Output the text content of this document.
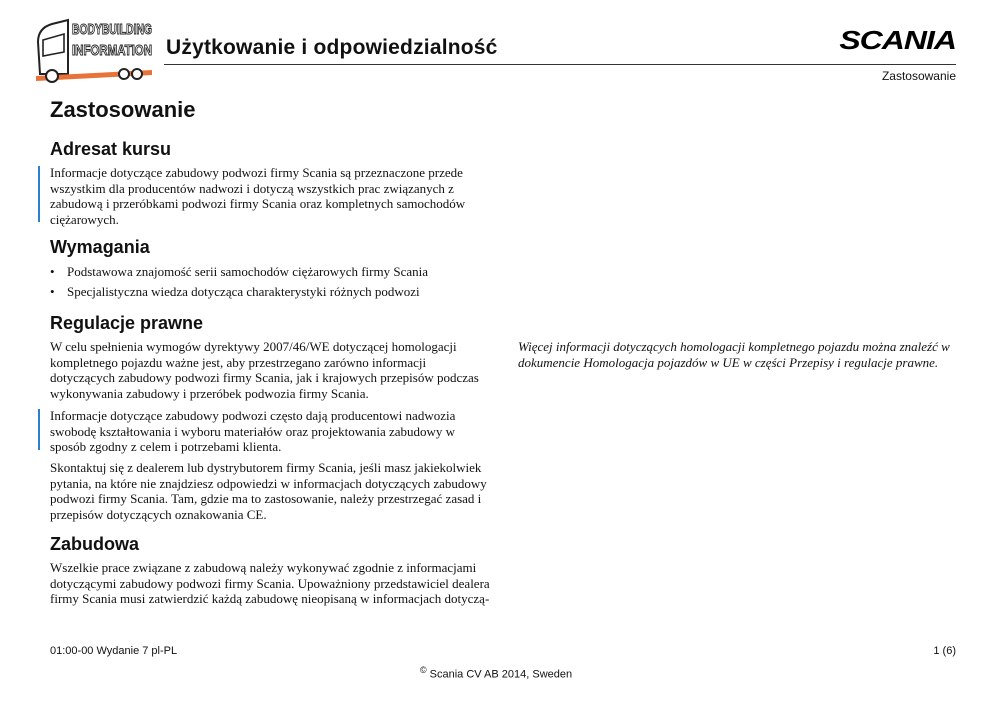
BODYBUILDING
INFORMATION Użytkowanie i odpowiedzialność	SCANIA
Zastosowanie
Zastosowanie
Adresat kursu

Informacje dotyczące zabudowy podwozi firmy Scania są przeznaczone przede wszystkim dla producentów nadwozi i dotyczą wszystkich prac związanych z zabudową i przeróbkami podwozi firmy Scania oraz kompletnych samochodów ciężarowych.

Wymagania
• Podstawowa znajomość serii samochodów ciężarowych firmy Scania
• Specjalistyczna wiedza dotycząca charakterystyki różnych podwozi
Regulacje prawne

W celu spełnienia wymogów dyrektywy 2007/46/WE dotyczącej homologacji kompletnego pojazdu ważne jest, aby przestrzegano zarówno informacji dotyczących zabudowy podwozi firmy Scania, jak i krajowych przepisów podczas wykonywania zabudowy i przeróbek podwozia firmy Scania.

Informacje dotyczące zabudowy podwozi często dają producentowi nadwozia swobodę kształtowania i wyboru materiałów oraz projektowania zabudowy w sposób zgodny z celem i potrzebami klienta.

Skontaktuj się z dealerem lub dystrybutorem firmy Scania, jeśli masz jakiekolwiek pytania, na które nie znajdziesz odpowiedzi w informacjach dotyczących zabudowy podwozi firmy Scania. Tam, gdzie ma to zastosowanie, należy przestrzegać zasad i przepisów dotyczących oznakowania CE.

Więcej informacji dotyczących homologacji kompletnego pojazdu można znaleźć w dokumencie Homologacja pojazdów w UE w części Przepisy i regulacje prawne.
Zabudowa

Wszelkie prace związane z zabudową należy wykonywać zgodnie z informacjami dotyczącymi zabudowy podwozi firmy Scania. Upoważniony przedstawiciel dealera firmy Scania musi zatwierdzić każdą zabudowę nieopisaną w informacjach dotyczą-

01:00-00 Wydanie 7 pl-PL	1 (6)
© Scania CV AB 2014, Sweden
